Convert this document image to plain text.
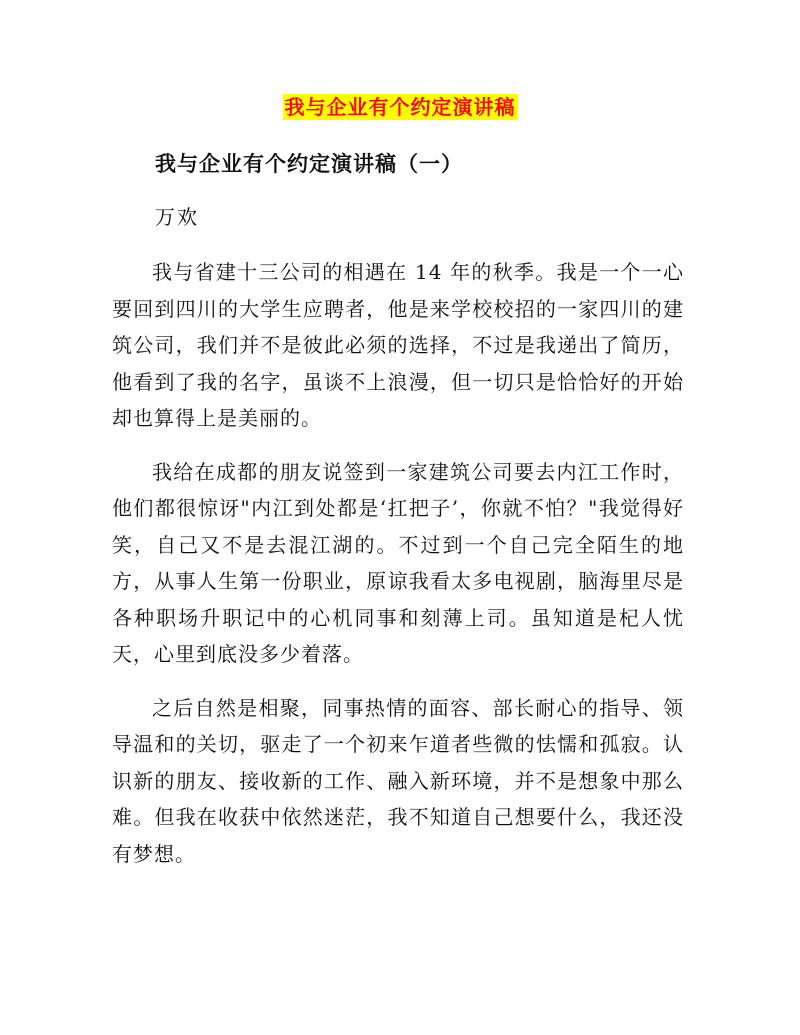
我与企业有个约定演讲稿
我与企业有个约定演讲稿（一）
万欢

我与省建十三公司的相遇在 14 年的秋季。我是一个一心要回到四川的大学生应聘者，他是来学校校招的一家四川的建筑公司，我们并不是彼此必须的选择，不过是我递出了简历，他看到了我的名字，虽谈不上浪漫，但一切只是恰恰好的开始却也算得上是美丽的。

我给在成都的朋友说签到一家建筑公司要去内江工作时，他们都很惊讶"内江到处都是‘扛把子’，你就不怕？"我觉得好笑，自己又不是去混江湖的。不过到一个自己完全陌生的地方，从事人生第一份职业，原谅我看太多电视剧，脑海里尽是各种职场升职记中的心机同事和刻薄上司。虽知道是杞人忧天，心里到底没多少着落。

之后自然是相聚，同事热情的面容、部长耐心的指导、领导温和的关切，驱走了一个初来乍道者些微的怯懦和孤寂。认识新的朋友、接收新的工作、融入新环境，并不是想象中那么难。但我在收获中依然迷茫，我不知道自己想要什么，我还没有梦想。
